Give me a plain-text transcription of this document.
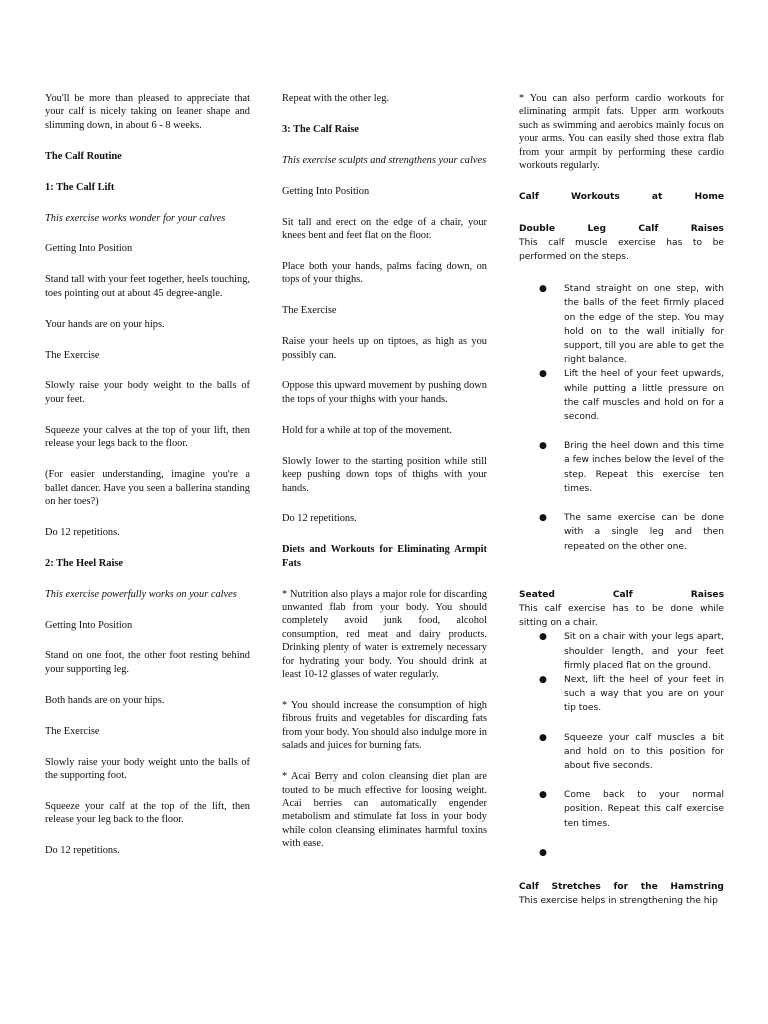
You'll be more than pleased to appreciate that your calf is nicely taking on leaner shape and slimming down, in about 6 - 8 weeks.

The Calf Routine

1: The Calf Lift

This exercise works wonder for your calves

Getting Into Position

Stand tall with your feet together, heels touching, toes pointing out at about 45 degree-angle.

Your hands are on your hips.

The Exercise

Slowly raise your body weight to the balls of your feet.

Squeeze your calves at the top of your lift, then release your legs back to the floor.

(For easier understanding, imagine you're a ballet dancer. Have you seen a ballerina standing on her toes?)

Do 12 repetitions.

2: The Heel Raise

This exercise powerfully works on your calves

Getting Into Position

Stand on one foot, the other foot resting behind your supporting leg.

Both hands are on your hips.

The Exercise

Slowly raise your body weight unto the balls of the supporting foot.

Squeeze your calf at the top of the lift, then release your leg back to the floor.

Do 12 repetitions.

Repeat with the other leg.

3: The Calf Raise

This exercise sculpts and strengthens your calves

Getting Into Position

Sit tall and erect on the edge of a chair, your knees bent and feet flat on the floor.

Place both your hands, palms facing down, on tops of your thighs.

The Exercise

Raise your heels up on tiptoes, as high as you possibly can.

Oppose this upward movement by pushing down the tops of your thighs with your hands.

Hold for a while at top of the movement.

Slowly lower to the starting position while still keep pushing down tops of thighs with your hands.

Do 12 repetitions.

Diets and Workouts for Eliminating Armpit Fats

* Nutrition also plays a major role for discarding unwanted flab from your body. You should completely avoid junk food, alcohol consumption, red meat and dairy products. Drinking plenty of water is extremely necessary for hydrating your body. You should drink at least 10-12 glasses of water regularly.

* You should increase the consumption of high fibrous fruits and vegetables for discarding fats from your body. You should also indulge more in salads and juices for burning fats.

* Acai Berry and colon cleansing diet plan are touted to be much effective for loosing weight. Acai berries can automatically engender metabolism and stimulate fat loss in your body while colon cleansing eliminates harmful toxins with ease.

* You can also perform cardio workouts for eliminating armpit fats. Upper arm workouts such as swimming and aerobics mainly focus on your arms. You can easily shed those extra flab from your armpit by performing these cardio workouts regularly.

Calf	Workouts	at	Home
Double	Leg	Calf	Raises

This calf muscle exercise has to be performed on the steps.

● Stand straight on one step, with the balls of the feet firmly placed on the edge of the step. You may hold on to the wall initially for support, till you are able to get the right balance.
● Lift the heel of your feet upwards, while putting a little pressure on the calf muscles and hold on for a second.
● Bring the heel down and this time a few inches below the level of the step. Repeat this exercise ten times.
● The same exercise can be done with a single leg and then repeated on the other one.
Seated	Calf	Raises

This calf exercise has to be done while sitting on a chair.

● Sit on a chair with your legs apart, shoulder length, and your feet firmly placed flat on the ground.
● Next, lift the heel of your feet in such a way that you are on your tip toes.
● Squeeze your calf muscles a bit and hold on to this position for about five seconds.
● Come back to your normal position. Repeat this calf exercise ten times.
●
Calf Stretches for the Hamstring

This exercise helps in strengthening the hip
